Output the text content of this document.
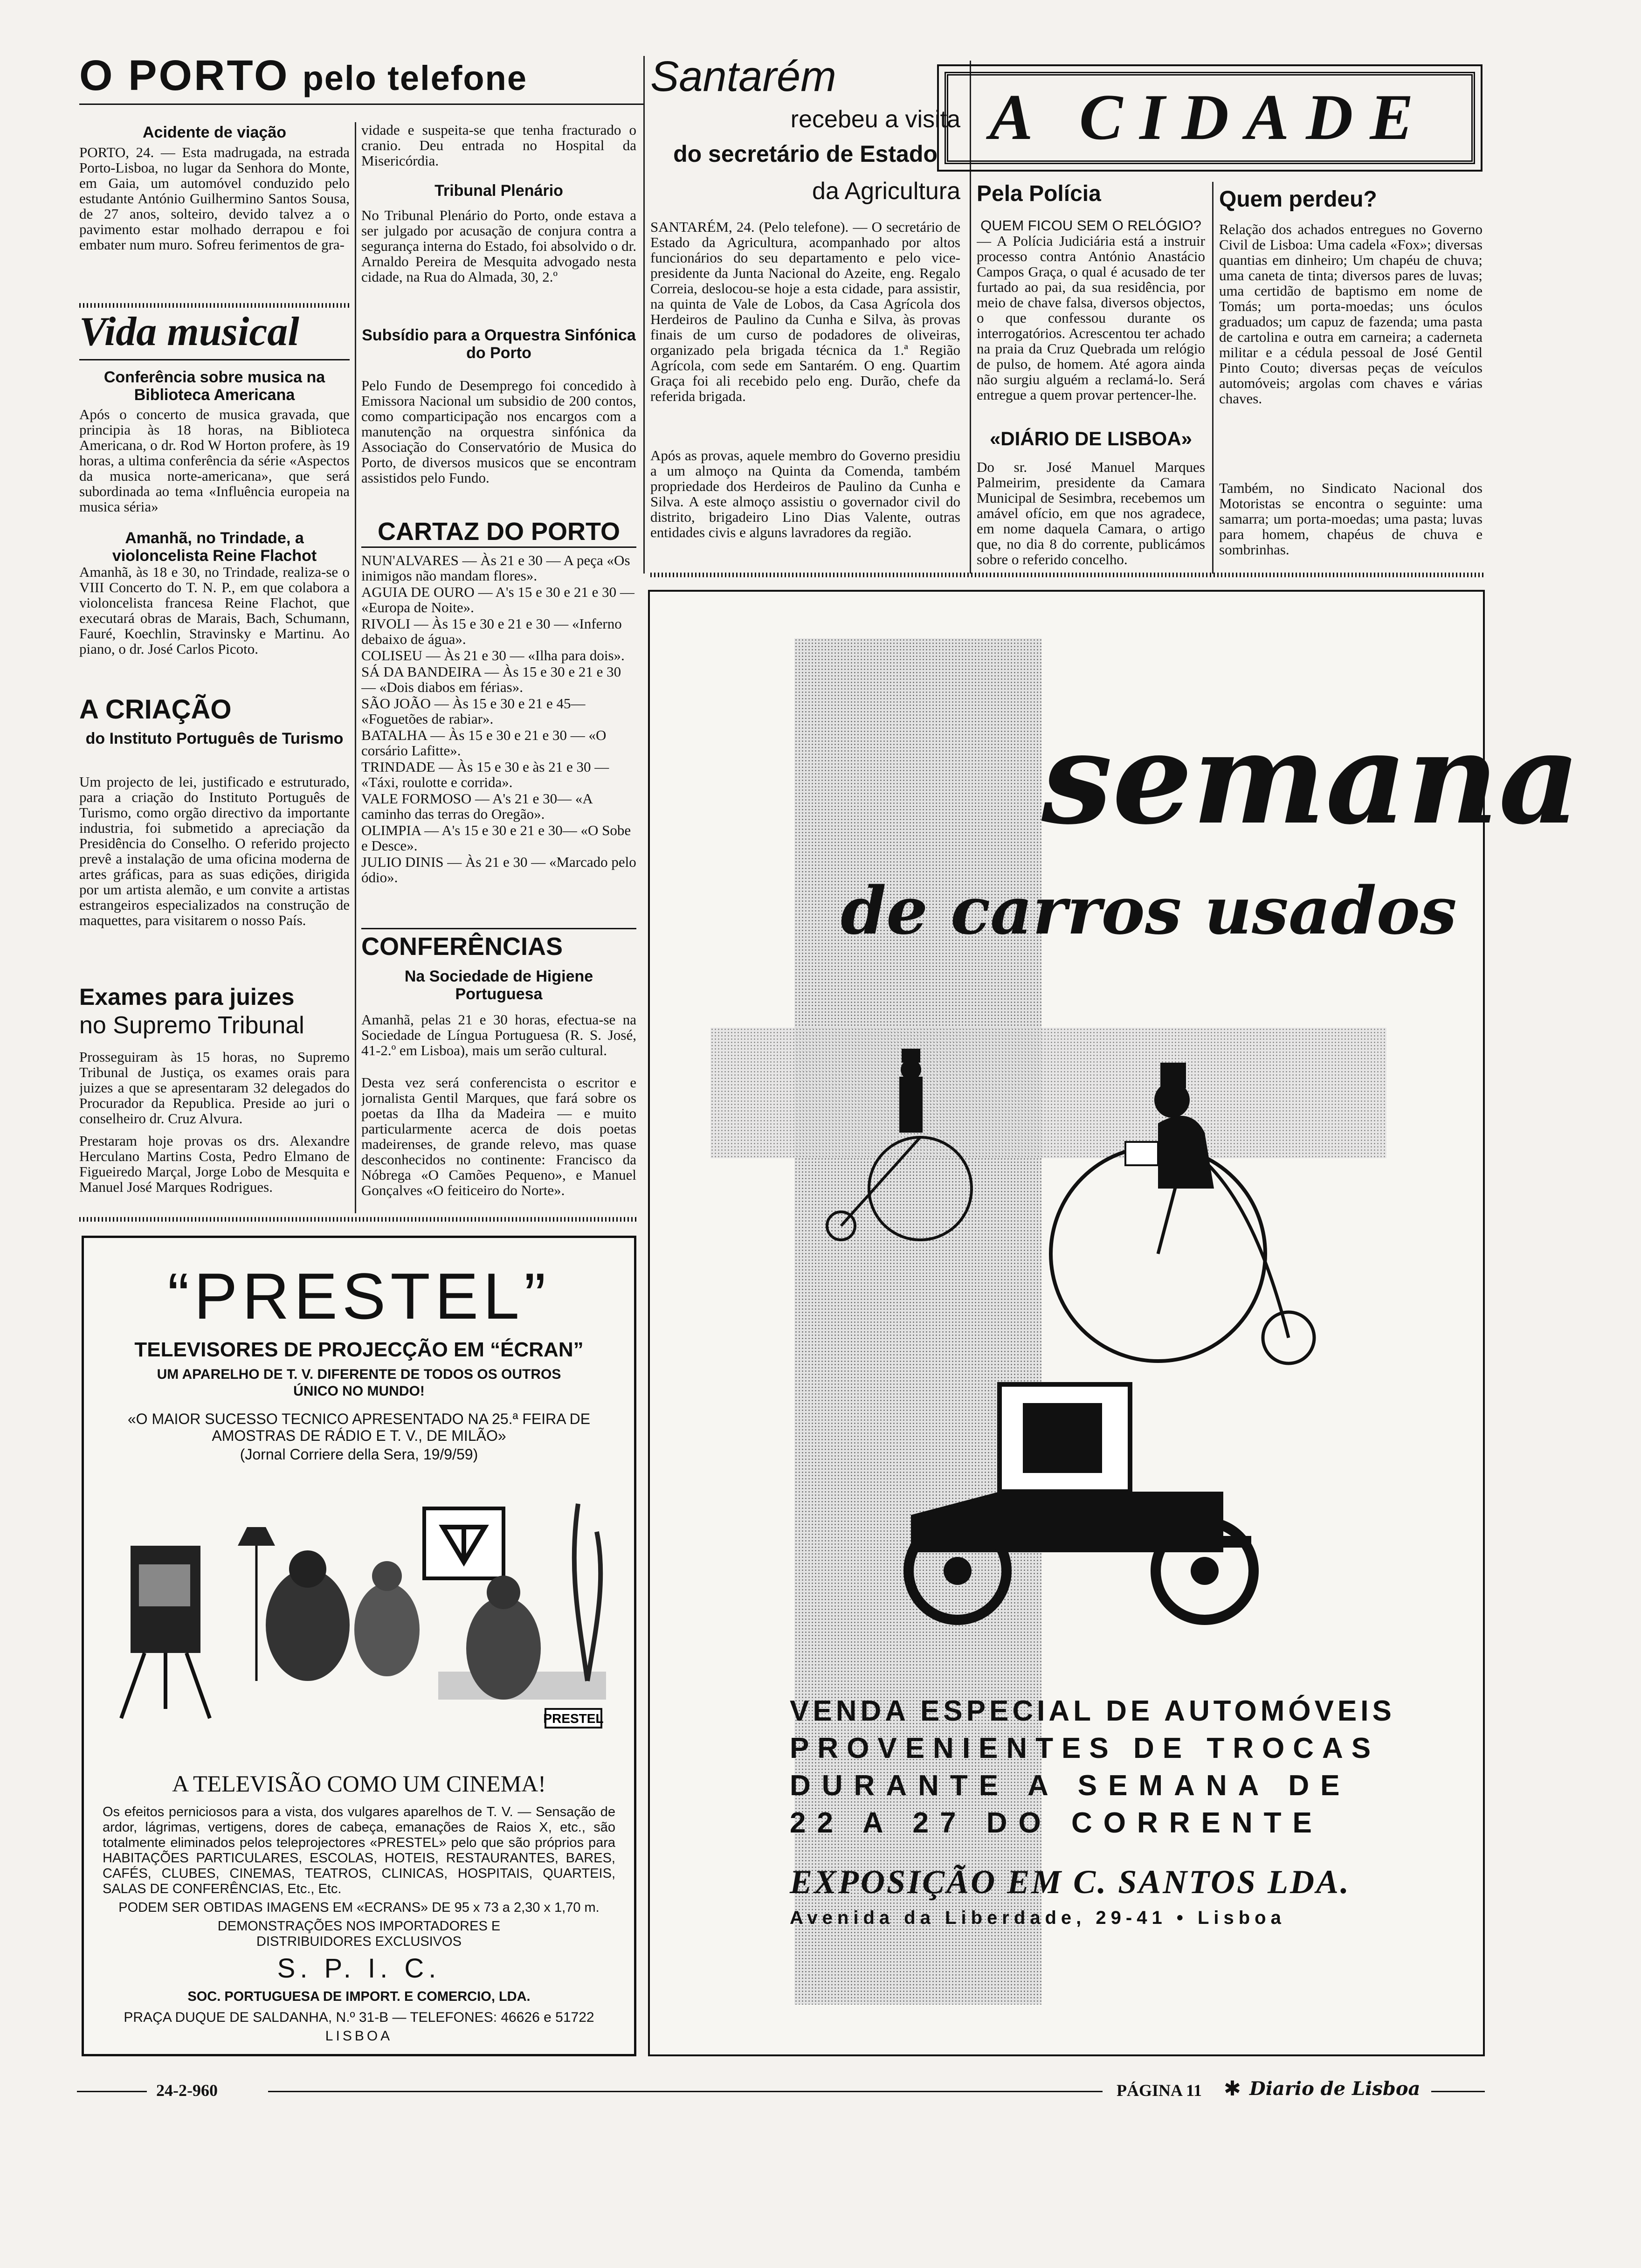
O PORTO pelo telefone
Acidente de viação
PORTO, 24. — Esta madrugada, na estrada Porto-Lisboa, no lugar da Senhora do Monte, em Gaia, um automóvel conduzido pelo estudante António Guilhermino Santos Sousa, de 27 anos, solteiro, devido talvez a o pavimento estar molhado derrapou e foi embater num muro. Sofreu ferimentos de gra-
Vida musical
Conferência sobre musica na Biblioteca Americana
Após o concerto de musica gravada, que principia às 18 horas, na Biblioteca Americana, o dr. Rod W Horton profere, às 19 horas, a ultima conferência da série «Aspectos da musica norte-americana», que será subordinada ao tema «Influência europeia na musica séria»
Amanhã, no Trindade, a violoncelista Reine Flachot
Amanhã, às 18 e 30, no Trindade, realiza-se o VIII Concerto do T. N. P., em que colabora a violoncelista francesa Reine Flachot, que executará obras de Marais, Bach, Schumann, Fauré, Koechlin, Stravinsky e Martinu. Ao piano, o dr. José Carlos Picoto.
A CRIAÇÃO
do Instituto Português de Turismo
Um projecto de lei, justificado e estruturado, para a criação do Instituto Português de Turismo, como orgão directivo da importante industria, foi submetido a apreciação da Presidência do Conselho. O referido projecto prevê a instalação de uma oficina moderna de artes gráficas, para as suas edições, dirigida por um artista alemão, e um convite a artistas estrangeiros especializados na construção de maquettes, para visitarem o nosso País.
Exames para juizes
no Supremo Tribunal
Prosseguiram às 15 horas, no Supremo Tribunal de Justiça, os exames orais para juizes a que se apresentaram 32 delegados do Procurador da Republica. Preside ao juri o conselheiro dr. Cruz Alvura.
Prestaram hoje provas os drs. Alexandre Herculano Martins Costa, Pedro Elmano de Figueiredo Marçal, Jorge Lobo de Mesquita e Manuel José Marques Rodrigues.
vidade e suspeita-se que tenha fracturado o cranio. Deu entrada no Hospital da Misericórdia.
Tribunal Plenário
No Tribunal Plenário do Porto, onde estava a ser julgado por acusação de conjura contra a segurança interna do Estado, foi absolvido o dr. Arnaldo Pereira de Mesquita advogado nesta cidade, na Rua do Almada, 30, 2.º
Subsídio para a Orquestra Sinfónica do Porto
Pelo Fundo de Desemprego foi concedido à Emissora Nacional um subsidio de 200 contos, como comparticipação nos encargos com a manutenção na orquestra sinfónica da Associação do Conservatório de Musica do Porto, de diversos musicos que se encontram assistidos pelo Fundo.
CARTAZ DO PORTO
NUN'ALVARES — Às 21 e 30 — A peça «Os inimigos não mandam flores».
AGUIA DE OURO — A's 15 e 30 e 21 e 30 — «Europa de Noite».
RIVOLI — Às 15 e 30 e 21 e 30 — «Inferno debaixo de água».
COLISEU — Às 21 e 30 — «Ilha para dois».
SÁ DA BANDEIRA — Às 15 e 30 e 21 e 30 — «Dois diabos em férias».
SÃO JOÃO — Às 15 e 30 e 21 e 45— «Foguetões de rabiar».
BATALHA — Às 15 e 30 e 21 e 30 — «O corsário Lafitte».
TRINDADE — Às 15 e 30 e às 21 e 30 — «Táxi, roulotte e corrida».
VALE FORMOSO — A's 21 e 30— «A caminho das terras do Oregão».
OLIMPIA — A's 15 e 30 e 21 e 30— «O Sobe e Desce».
JULIO DINIS — Às 21 e 30 — «Marcado pelo ódio».
CONFERÊNCIAS
Na Sociedade de Higiene Portuguesa
Amanhã, pelas 21 e 30 horas, efectua-se na Sociedade de Língua Portuguesa (R. S. José, 41-2.º em Lisboa), mais um serão cultural.
Desta vez será conferencista o escritor e jornalista Gentil Marques, que fará sobre os poetas da Ilha da Madeira — e muito particularmente acerca de dois poetas madeirenses, de grande relevo, mas quase desconhecidos no continente: Francisco da Nóbrega «O Camões Pequeno», e Manuel Gonçalves «O feiticeiro do Norte».
“PRESTEL”
TELEVISORES DE PROJECÇÃO EM “ÉCRAN”
UM APARELHO DE T. V. DIFERENTE DE TODOS OS OUTROS ÚNICO NO MUNDO!
«O MAIOR SUCESSO TECNICO APRESENTADO NA 25.ª FEIRA DE AMOSTRAS DE RÁDIO E T. V., DE MILÃO»
(Jornal Corriere della Sera, 19/9/59)
PRESTEL
A TELEVISÃO COMO UM CINEMA!
Os efeitos perniciosos para a vista, dos vulgares aparelhos de T. V. — Sensação de ardor, lágrimas, vertigens, dores de cabeça, emanações de Raios X, etc., são totalmente eliminados pelos teleprojectores «PRESTEL» pelo que são próprios para HABITAÇÕES PARTICULARES, ESCOLAS, HOTEIS, RESTAURANTES, BARES, CAFÉS, CLUBES, CINEMAS, TEATROS, CLINICAS, HOSPITAIS, QUARTEIS, SALAS DE CONFERÊNCIAS, Etc., Etc.
PODEM SER OBTIDAS IMAGENS EM «ECRANS» DE 95 x 73 a 2,30 x 1,70 m.
DEMONSTRAÇÕES NOS IMPORTADORES E DISTRIBUIDORES EXCLUSIVOS
S. P. I. C.
SOC. PORTUGUESA DE IMPORT. E COMERCIO, LDA.
PRAÇA DUQUE DE SALDANHA, N.º 31-B — TELEFONES: 46626 e 51722
LISBOA
Santarém
recebeu a visita
do secretário de Estado
da Agricultura
SANTARÉM, 24. (Pelo telefone). — O secretário de Estado da Agricultura, acompanhado por altos funcionários do seu departamento e pelo vice-presidente da Junta Nacional do Azeite, eng. Regalo Correia, deslocou-se hoje a esta cidade, para assistir, na quinta de Vale de Lobos, da Casa Agrícola dos Herdeiros de Paulino da Cunha e Silva, às provas finais de um curso de podadores de oliveiras, organizado pela brigada técnica da 1.ª Região Agrícola, com sede em Santarém. O eng. Quartim Graça foi ali recebido pelo eng. Durão, chefe da referida brigada.
Após as provas, aquele membro do Governo presidiu a um almoço na Quinta da Comenda, também propriedade dos Herdeiros de Paulino da Cunha e Silva. A este almoço assistiu o governador civil do distrito, brigadeiro Lino Dias Valente, outras entidades civis e alguns lavradores da região.
A CIDADE
Pela Polícia
QUEM FICOU SEM O RELÓGIO?
— A Polícia Judiciária está a instruir processo contra António Anastácio Campos Graça, o qual é acusado de ter furtado ao pai, da sua residência, por meio de chave falsa, diversos objectos, o que confessou durante os interrogatórios. Acrescentou ter achado na praia da Cruz Quebrada um relógio de pulso, de homem. Até agora ainda não surgiu alguém a reclamá-lo. Será entregue a quem provar pertencer-lhe.
«DIÁRIO DE LISBOA»
Do sr. José Manuel Marques Palmeirim, presidente da Camara Municipal de Sesimbra, recebemos um amável ofício, em que nos agradece, em nome daquela Camara, o artigo que, no dia 8 do corrente, publicámos sobre o referido concelho.
Quem perdeu?
Relação dos achados entregues no Governo Civil de Lisboa: Uma cadela «Fox»; diversas quantias em dinheiro; Um chapéu de chuva; uma caneta de tinta; diversos pares de luvas; uma certidão de baptismo em nome de Tomás; um porta-moedas; uns óculos graduados; um capuz de fazenda; uma pasta de cartolina e outra em carneira; a caderneta militar e a cédula pessoal de José Gentil Pinto Couto; diversas peças de veículos automóveis; argolas com chaves e várias chaves.
Também, no Sindicato Nacional dos Motoristas se encontra o seguinte: uma samarra; um porta-moedas; uma pasta; luvas para homem, chapéus de chuva e sombrinhas.
semana
de carros usados
VENDA ESPECIAL DE AUTOMÓVEIS
PROVENIENTES DE TROCAS
DURANTE A SEMANA DE
22 A 27 DO CORRENTE
EXPOSIÇÃO EM C. SANTOS LDA.
Avenida da Liberdade, 29-41 • Lisboa
24-2-960	PÁGINA 11	✱ Diario de Lisboa
